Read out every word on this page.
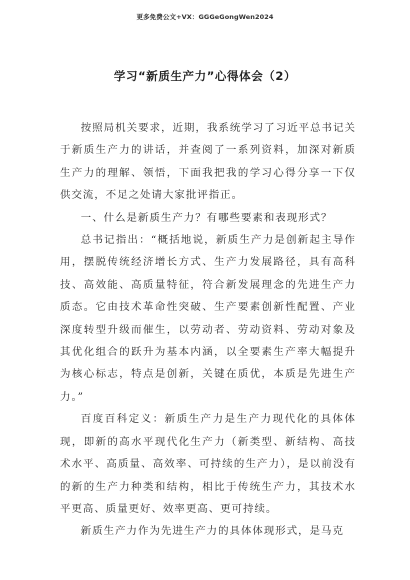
更多免费公文+VX：GGGeGongWen2024
学习“新质生产力”心得体会（2）

按照局机关要求，近期，我系统学习了习近平总书记关于新质生产力的讲话，并查阅了一系列资料，加深对新质生产力的理解、领悟，下面我把我的学习心得分享一下仅供交流，不足之处请大家批评指正。

一、什么是新质生产力？有哪些要素和表现形式？

总书记指出：“概括地说，新质生产力是创新起主导作用，摆脱传统经济增长方式、生产力发展路径，具有高科技、高效能、高质量特征，符合新发展理念的先进生产力质态。它由技术革命性突破、生产要素创新性配置、产业深度转型升级而催生，以劳动者、劳动资料、劳动对象及其优化组合的跃升为基本内涵，以全要素生产率大幅提升为核心标志，特点是创新，关键在质优，本质是先进生产力。”

百度百科定义：新质生产力是生产力现代化的具体体现，即新的高水平现代化生产力（新类型、新结构、高技术水平、高质量、高效率、可持续的生产力），是以前没有的新的生产力种类和结构，相比于传统生产力，其技术水平更高、质量更好、效率更高、更可持续。

新质生产力作为先进生产力的具体体现形式，是马克
